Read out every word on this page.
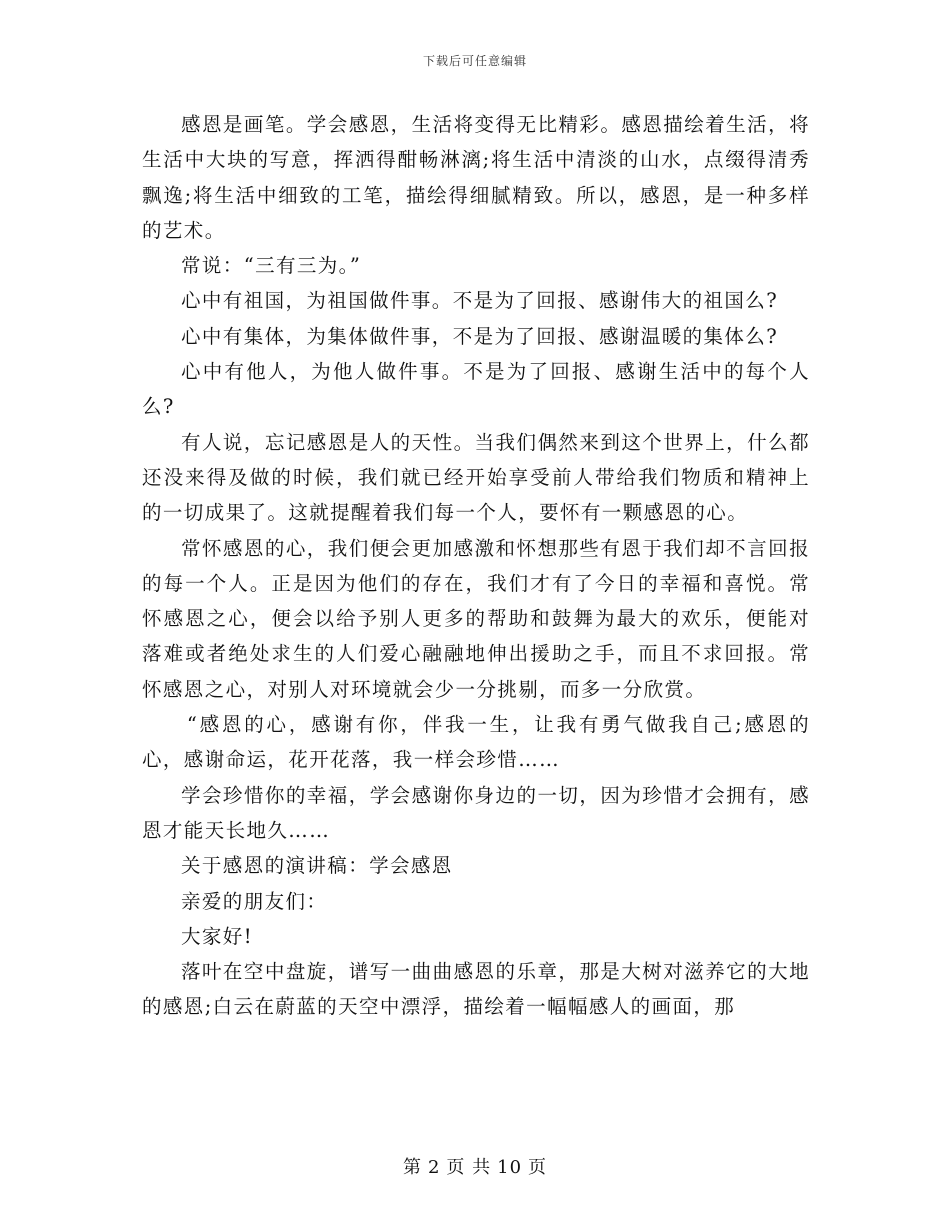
下载后可任意编辑

感恩是画笔。学会感恩，生活将变得无比精彩。感恩描绘着生活，将生活中大块的写意，挥洒得酣畅淋漓;将生活中清淡的山水，点缀得清秀飘逸;将生活中细致的工笔，描绘得细腻精致。所以，感恩，是一种多样的艺术。

常说：“三有三为。”

心中有祖国，为祖国做件事。不是为了回报、感谢伟大的祖国么?

心中有集体，为集体做件事，不是为了回报、感谢温暖的集体么?

心中有他人，为他人做件事。不是为了回报、感谢生活中的每个人么?

有人说，忘记感恩是人的天性。当我们偶然来到这个世界上，什么都还没来得及做的时候，我们就已经开始享受前人带给我们物质和精神上的一切成果了。这就提醒着我们每一个人，要怀有一颗感恩的心。

常怀感恩的心，我们便会更加感激和怀想那些有恩于我们却不言回报的每一个人。正是因为他们的存在，我们才有了今日的幸福和喜悦。常怀感恩之心，便会以给予别人更多的帮助和鼓舞为最大的欢乐，便能对落难或者绝处求生的人们爱心融融地伸出援助之手，而且不求回报。常怀感恩之心，对别人对环境就会少一分挑剔，而多一分欣赏。

“感恩的心，感谢有你，伴我一生，让我有勇气做我自己;感恩的心，感谢命运，花开花落，我一样会珍惜……

学会珍惜你的幸福，学会感谢你身边的一切，因为珍惜才会拥有，感恩才能天长地久……

关于感恩的演讲稿：学会感恩

亲爱的朋友们：

大家好!

落叶在空中盘旋，谱写一曲曲感恩的乐章，那是大树对滋养它的大地的感恩;白云在蔚蓝的天空中漂浮，描绘着一幅幅感人的画面，那

第 2 页 共 10 页
